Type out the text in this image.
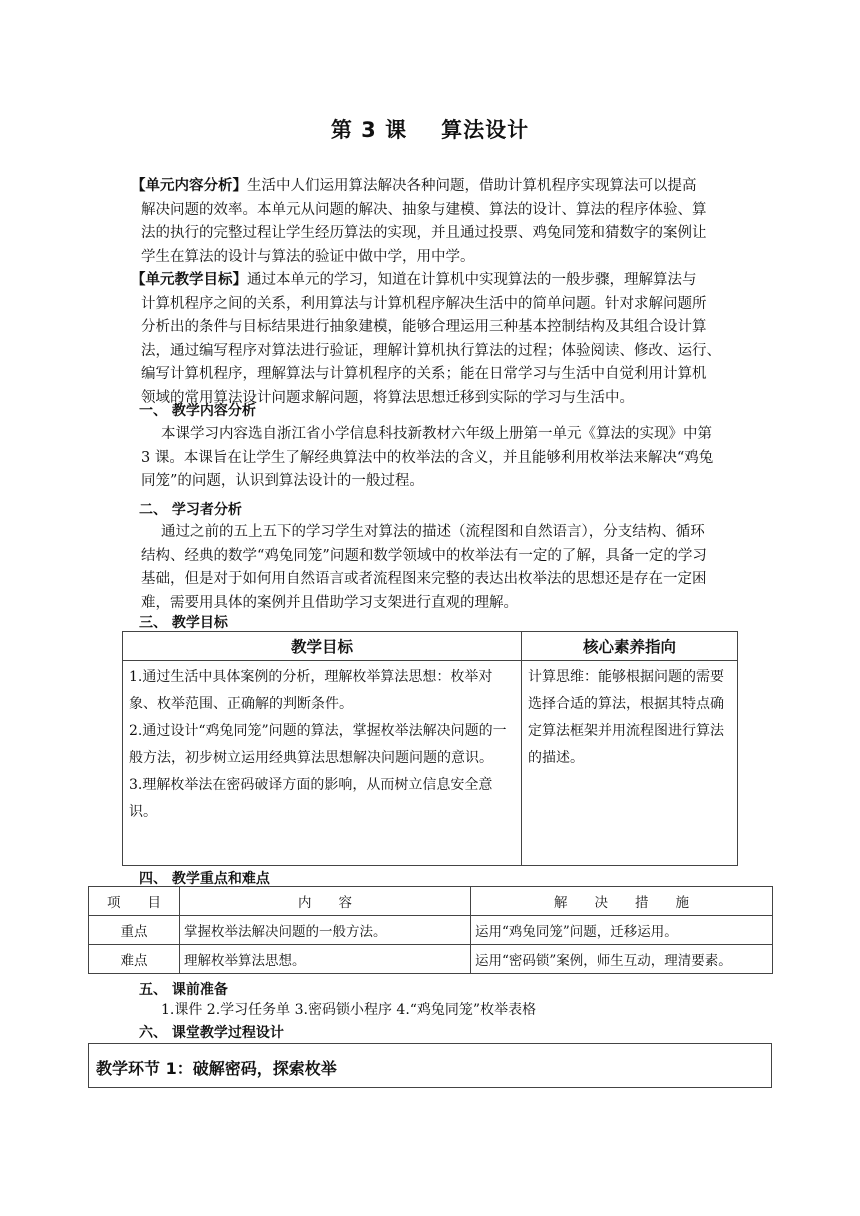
第 3 课 算法设计
【单元内容分析】生活中人们运用算法解决各种问题，借助计算机程序实现算法可以提高
解决问题的效率。本单元从问题的解决、抽象与建模、算法的设计、算法的程序体验、算
法的执行的完整过程让学生经历算法的实现，并且通过投票、鸡兔同笼和猜数字的案例让
学生在算法的设计与算法的验证中做中学，用中学。
【单元教学目标】通过本单元的学习，知道在计算机中实现算法的一般步骤，理解算法与
计算机程序之间的关系，利用算法与计算机程序解决生活中的简单问题。针对求解问题所
分析出的条件与目标结果进行抽象建模，能够合理运用三种基本控制结构及其组合设计算
法，通过编写程序对算法进行验证，理解计算机执行算法的过程；体验阅读、修改、运行、
编写计算机程序，理解算法与计算机程序的关系；能在日常学习与生活中自觉利用计算机
领域的常用算法设计问题求解问题，将算法思想迁移到实际的学习与生活中。
一、 教学内容分析
本课学习内容选自浙江省小学信息科技新教材六年级上册第一单元《算法的实现》中第
3 课。本课旨在让学生了解经典算法中的枚举法的含义，并且能够利用枚举法来解决“鸡兔
同笼”的问题，认识到算法设计的一般过程。
二、 学习者分析
通过之前的五上五下的学习学生对算法的描述（流程图和自然语言），分支结构、循环
结构、经典的数学“鸡兔同笼”问题和数学领域中的枚举法有一定的了解，具备一定的学习
基础，但是对于如何用自然语言或者流程图来完整的表达出枚举法的思想还是存在一定困
难，需要用具体的案例并且借助学习支架进行直观的理解。
三、 教学目标
教学目标	核心素养指向

1.通过生活中具体案例的分析，理解枚举算法思想：枚举对象、枚举范围、正确解的判断条件。
2.通过设计“鸡兔同笼”问题的算法，掌握枚举法解决问题的一般方法，初步树立运用经典算法思想解决问题问题的意识。
3.理解枚举法在密码破译方面的影响，从而树立信息安全意识。	计算思维：能够根据问题的需要选择合适的算法，根据其特点确定算法框架并用流程图进行算法的描述。
四、 教学重点和难点
项　　目	内　　容	解　　决　　措　　施
重点	掌握枚举法解决问题的一般方法。	运用“鸡兔同笼”问题，迁移运用。
难点	理解枚举算法思想。	运用“密码锁”案例，师生互动，理清要素。
五、 课前准备
1.课件 2.学习任务单 3.密码锁小程序 4.“鸡兔同笼”枚举表格
六、 课堂教学过程设计
教学环节 1：破解密码，探索枚举
